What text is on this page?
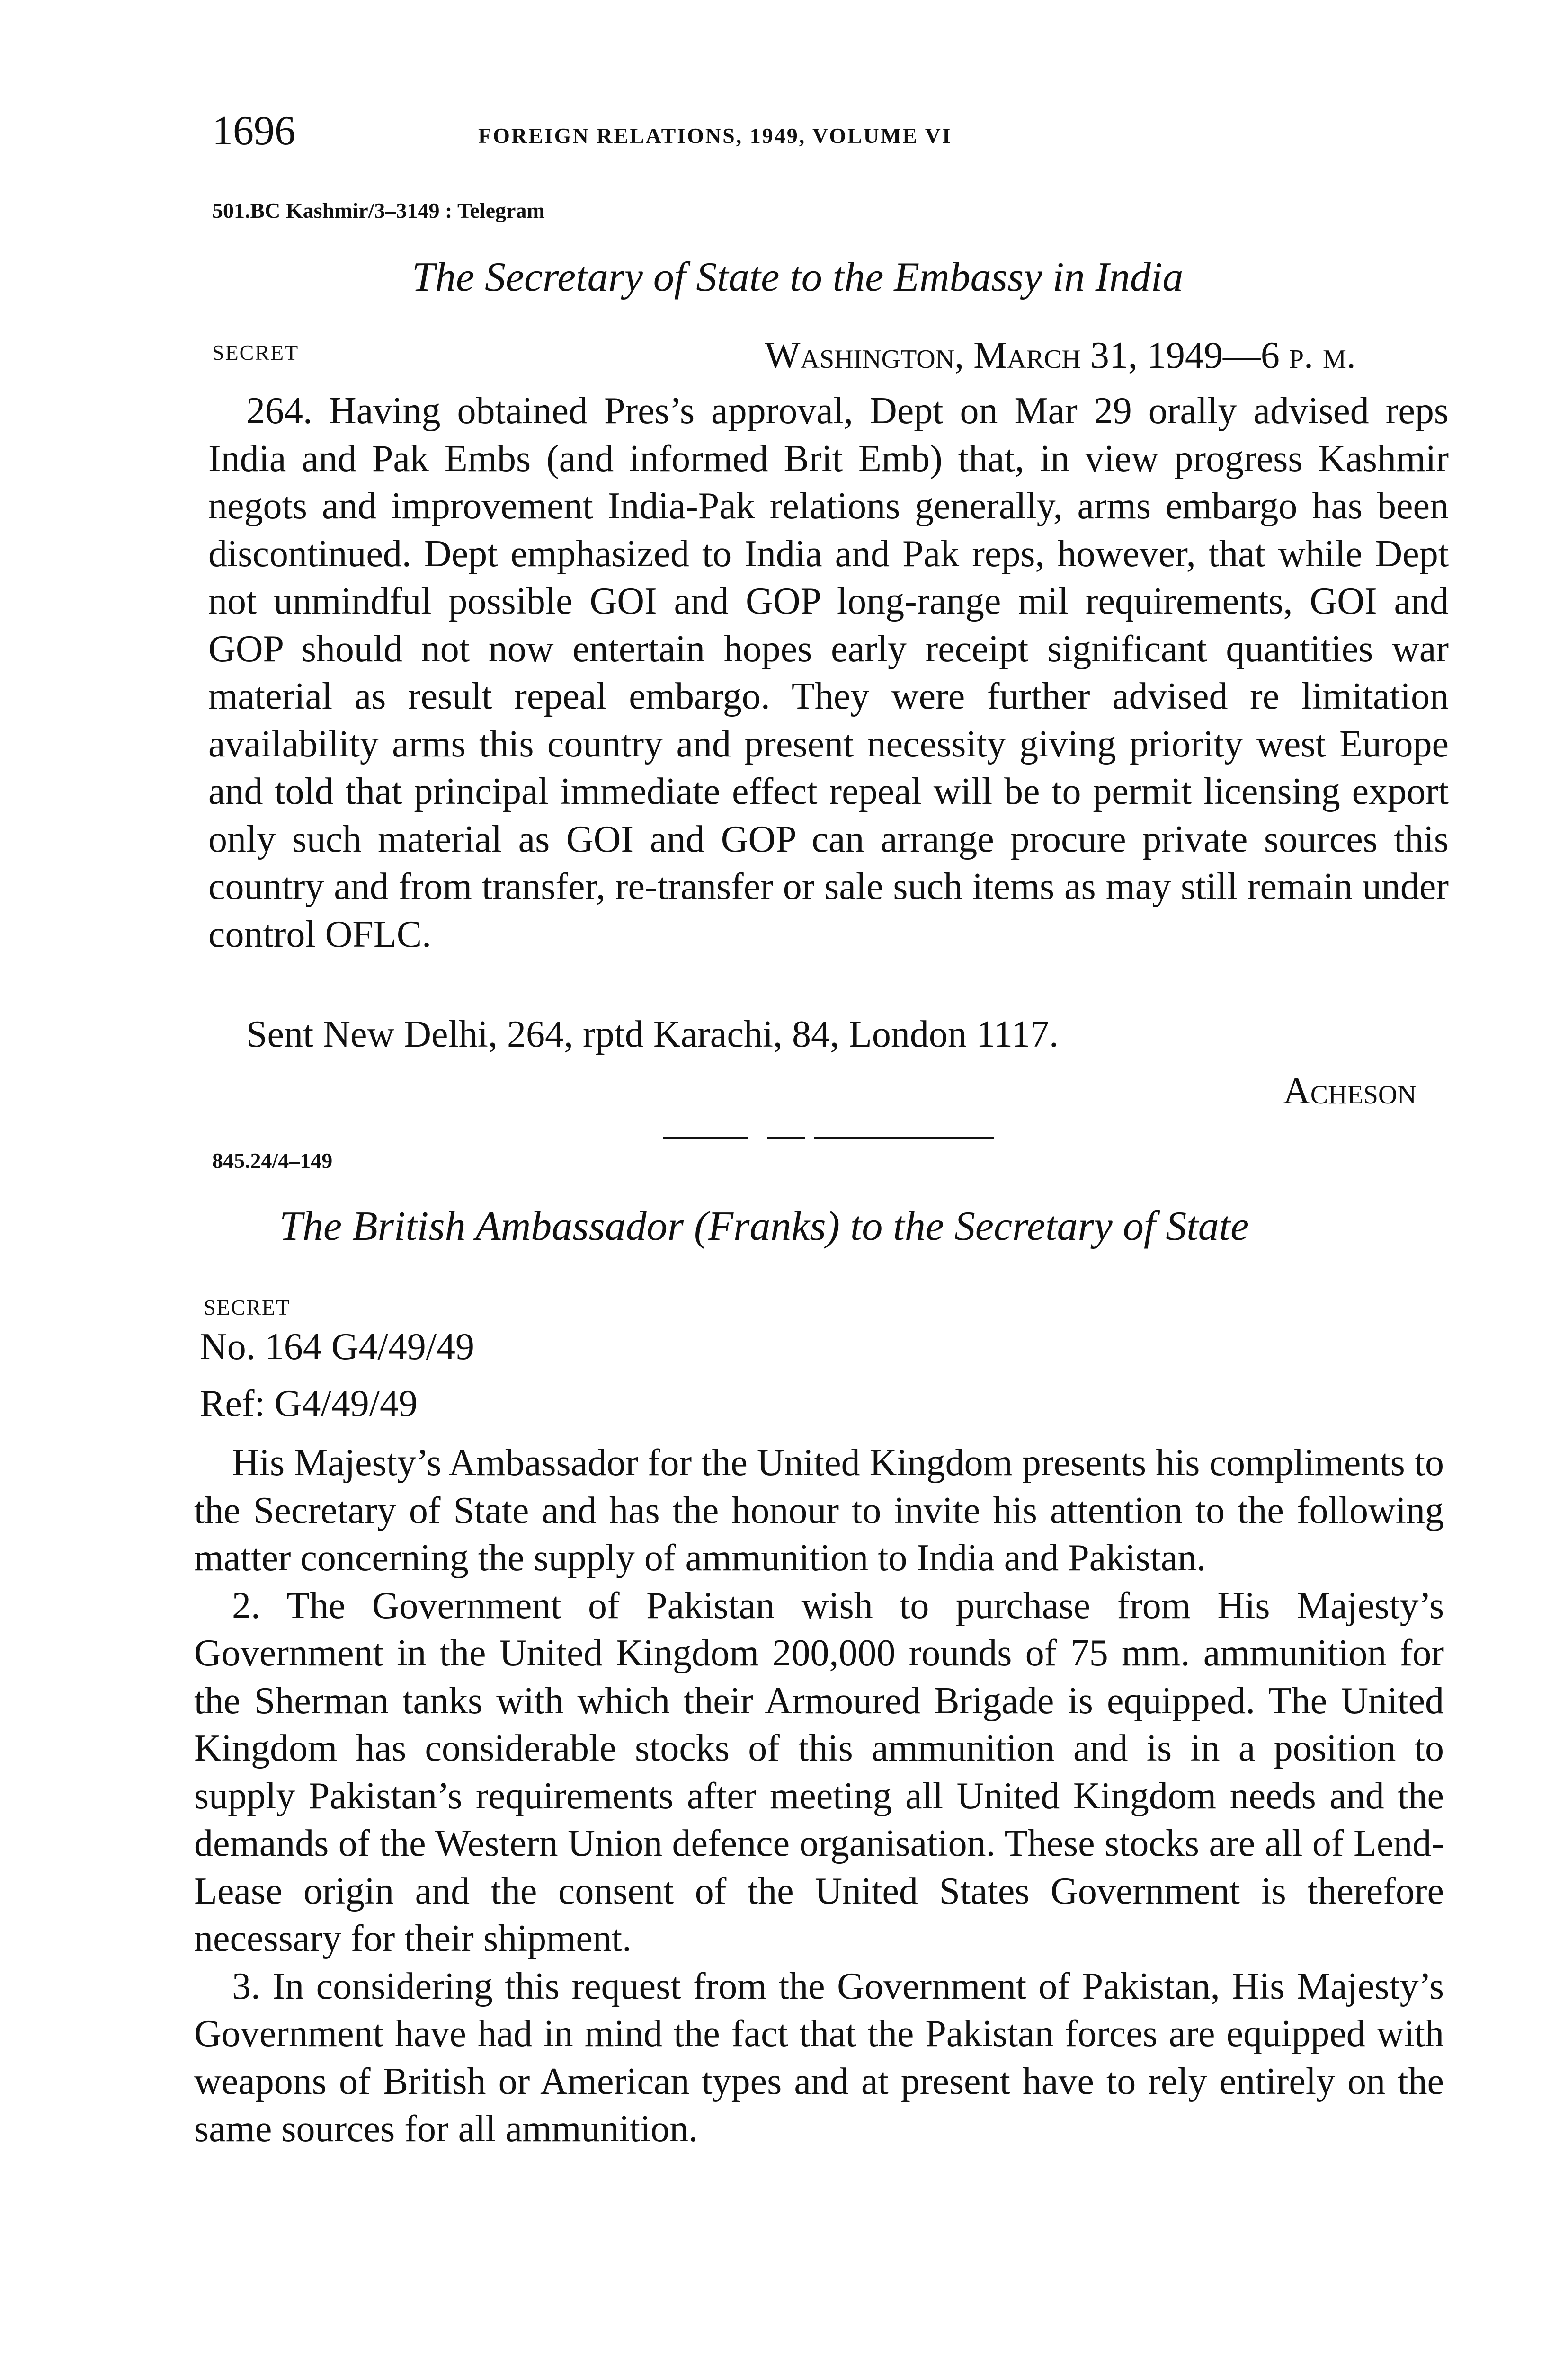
1696	FOREIGN RELATIONS, 1949, VOLUME VI
501.BC Kashmir/3–3149 : Telegram
The Secretary of State to the Embassy in India
SECRET	Washington, March 31, 1949—6 p. m.

264. Having obtained Pres’s approval, Dept on Mar 29 orally advised reps India and Pak Embs (and informed Brit Emb) that, in view progress Kashmir negots and improvement India-Pak relations generally, arms embargo has been discontinued. Dept emphasized to India and Pak reps, however, that while Dept not unmindful possible GOI and GOP long-range mil requirements, GOI and GOP should not now entertain hopes early receipt significant quantities war material as result repeal embargo. They were further advised re limitation availability arms this country and present necessity giving priority west Europe and told that principal immediate effect repeal will be to permit licensing export only such material as GOI and GOP can arrange procure private sources this country and from transfer, re-transfer or sale such items as may still remain under control OFLC.

Sent New Delhi, 264, rptd Karachi, 84, London 1117.
Acheson
845.24/4–149
The British Ambassador (Franks) to the Secretary of State
SECRET
No. 164 G4/49/49
Ref: G4/49/49

His Majesty’s Ambassador for the United Kingdom presents his compliments to the Secretary of State and has the honour to invite his attention to the following matter concerning the supply of ammunition to India and Pakistan.

2. The Government of Pakistan wish to purchase from His Majesty’s Government in the United Kingdom 200,000 rounds of 75 mm. ammunition for the Sherman tanks with which their Armoured Brigade is equipped. The United Kingdom has considerable stocks of this ammunition and is in a position to supply Pakistan’s requirements after meeting all United Kingdom needs and the demands of the Western Union defence organisation. These stocks are all of Lend-Lease origin and the consent of the United States Government is therefore necessary for their shipment.

3. In considering this request from the Government of Pakistan, His Majesty’s Government have had in mind the fact that the Pakistan forces are equipped with weapons of British or American types and at present have to rely entirely on the same sources for all ammunition.
